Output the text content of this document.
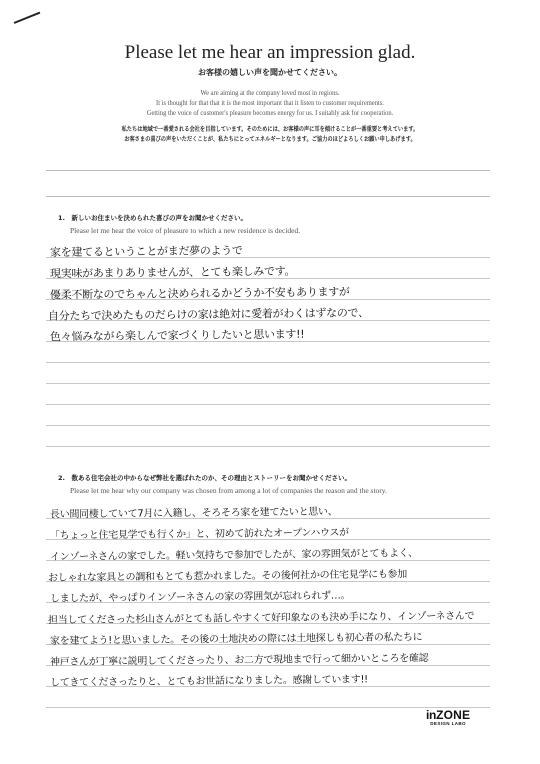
Please let me hear an impression glad.
お客様の嬉しい声を聞かせてください。
We are aiming at the company loved most in regions.
It is thought for that that it is the most important that it listen to customer requirements.
Getting the voice of customer's pleasure becomes energy for us. I suitably ask for cooperation.
私たちは地域で一番愛される会社を目指しています。そのためには、お客様の声に耳を傾けることが一番重要と考えています。
お客さまの喜びの声をいただくことが、私たちにとってエネルギーとなります。ご協力のほどよろしくお願い申しあげます。
1.　新しいお住まいを決められた喜びの声をお聞かせください。
Please let me hear the voice of pleasure to which a new residence is decided.
家を建てるということがまだ夢のようで
現実味があまりありませんが、とても楽しみです。
優柔不断なのでちゃんと決められるかどうか不安もありますが
自分たちで決めたものだらけの家は絶対に愛着がわくはずなので、
色々悩みながら楽しんで家づくりしたいと思います!!
2.　数ある住宅会社の中からなぜ弊社を選ばれたのか、その理由とストーリーをお聞かせください。
Please let me hear why our company was chosen from among a lot of companies the reason and the story.
長い間同棲していて7月に入籍し、そろそろ家を建てたいと思い、
「ちょっと住宅見学でも行くか」と、初めて訪れたオープンハウスが
インゾーネさんの家でした。軽い気持ちで参加でしたが、家の雰囲気がとてもよく、
おしゃれな家具との調和もとても惹かれました。その後何社かの住宅見学にも参加
しましたが、やっぱりインゾーネさんの家の雰囲気が忘れられず…。
担当してくださった杉山さんがとても話しやすくて好印象なのも決め手になり、インゾーネさんで
家を建てよう!と思いました。その後の土地決めの際には土地探しも初心者の私たちに
神戸さんが丁寧に説明してくださったり、お二方で現地まで行って細かいところを確認
してきてくださったりと、とてもお世話になりました。感謝しています!!
inZONE
DESIGN LABO
